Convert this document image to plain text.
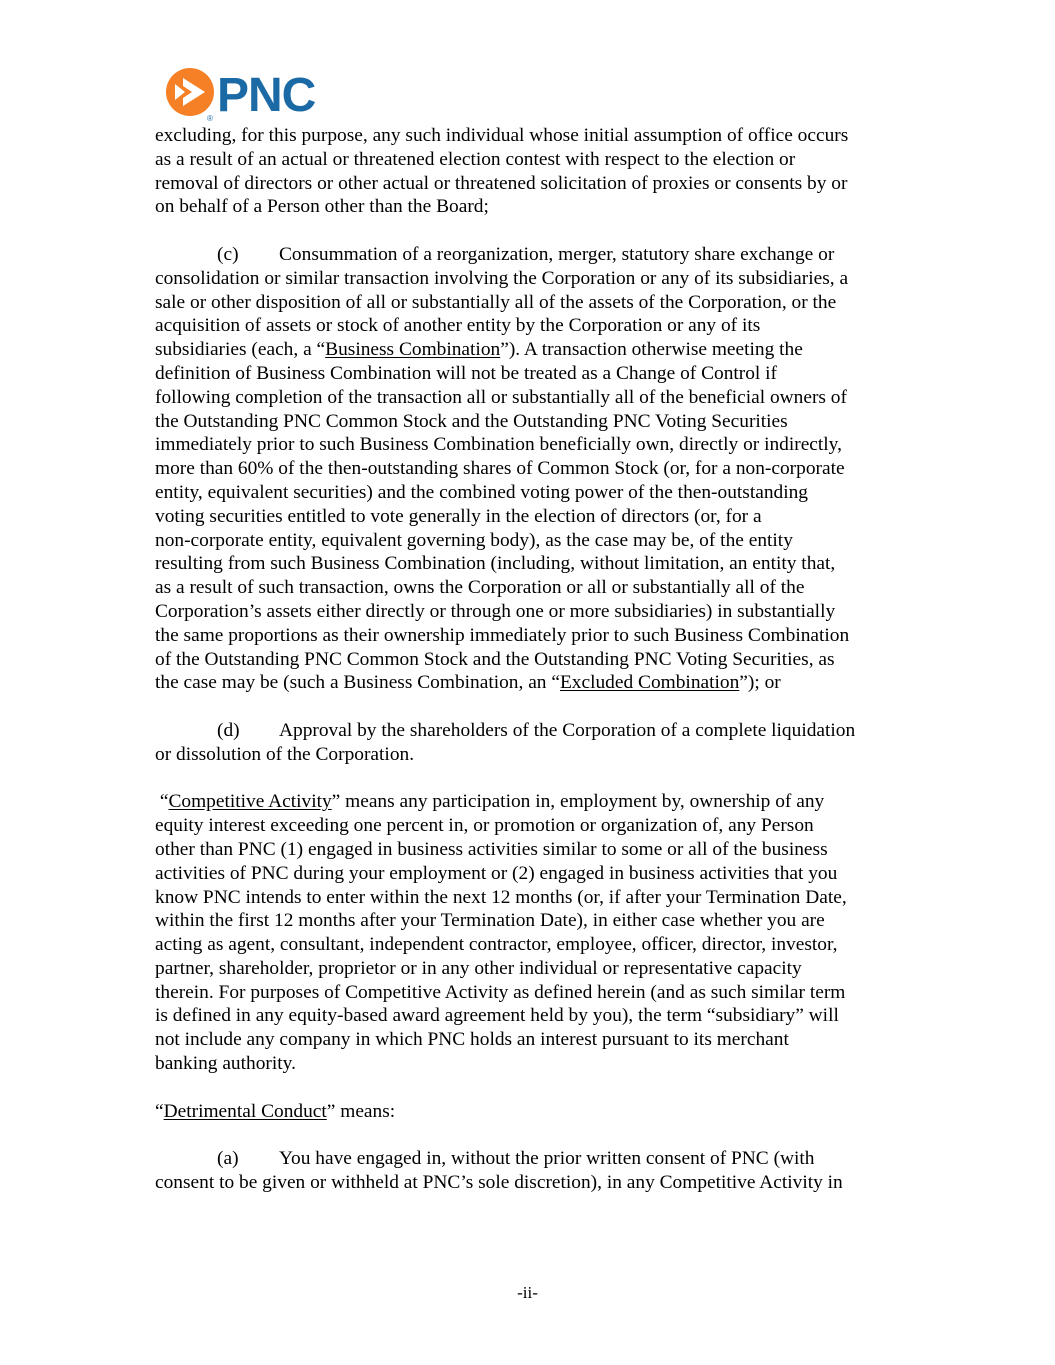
® PNC
excluding, for this purpose, any such individual whose initial assumption of office occurs
as a result of an actual or threatened election contest with respect to the election or
removal of directors or other actual or threatened solicitation of proxies or consents by or
on behalf of a Person other than the Board;
(c) Consummation of a reorganization, merger, statutory share exchange or
consolidation or similar transaction involving the Corporation or any of its subsidiaries, a
sale or other disposition of all or substantially all of the assets of the Corporation, or the
acquisition of assets or stock of another entity by the Corporation or any of its
subsidiaries (each, a “Business Combination”). A transaction otherwise meeting the
definition of Business Combination will not be treated as a Change of Control if
following completion of the transaction all or substantially all of the beneficial owners of
the Outstanding PNC Common Stock and the Outstanding PNC Voting Securities
immediately prior to such Business Combination beneficially own, directly or indirectly,
more than 60% of the then-outstanding shares of Common Stock (or, for a non-corporate
entity, equivalent securities) and the combined voting power of the then-outstanding
voting securities entitled to vote generally in the election of directors (or, for a
non-corporate entity, equivalent governing body), as the case may be, of the entity
resulting from such Business Combination (including, without limitation, an entity that,
as a result of such transaction, owns the Corporation or all or substantially all of the
Corporation’s assets either directly or through one or more subsidiaries) in substantially
the same proportions as their ownership immediately prior to such Business Combination
of the Outstanding PNC Common Stock and the Outstanding PNC Voting Securities, as
the case may be (such a Business Combination, an “Excluded Combination”); or
(d) Approval by the shareholders of the Corporation of a complete liquidation
or dissolution of the Corporation.
“Competitive Activity” means any participation in, employment by, ownership of any
equity interest exceeding one percent in, or promotion or organization of, any Person
other than PNC (1) engaged in business activities similar to some or all of the business
activities of PNC during your employment or (2) engaged in business activities that you
know PNC intends to enter within the next 12 months (or, if after your Termination Date,
within the first 12 months after your Termination Date), in either case whether you are
acting as agent, consultant, independent contractor, employee, officer, director, investor,
partner, shareholder, proprietor or in any other individual or representative capacity
therein. For purposes of Competitive Activity as defined herein (and as such similar term
is defined in any equity-based award agreement held by you), the term “subsidiary” will
not include any company in which PNC holds an interest pursuant to its merchant
banking authority.
“Detrimental Conduct” means:
(a) You have engaged in, without the prior written consent of PNC (with
consent to be given or withheld at PNC’s sole discretion), in any Competitive Activity in
-ii-
